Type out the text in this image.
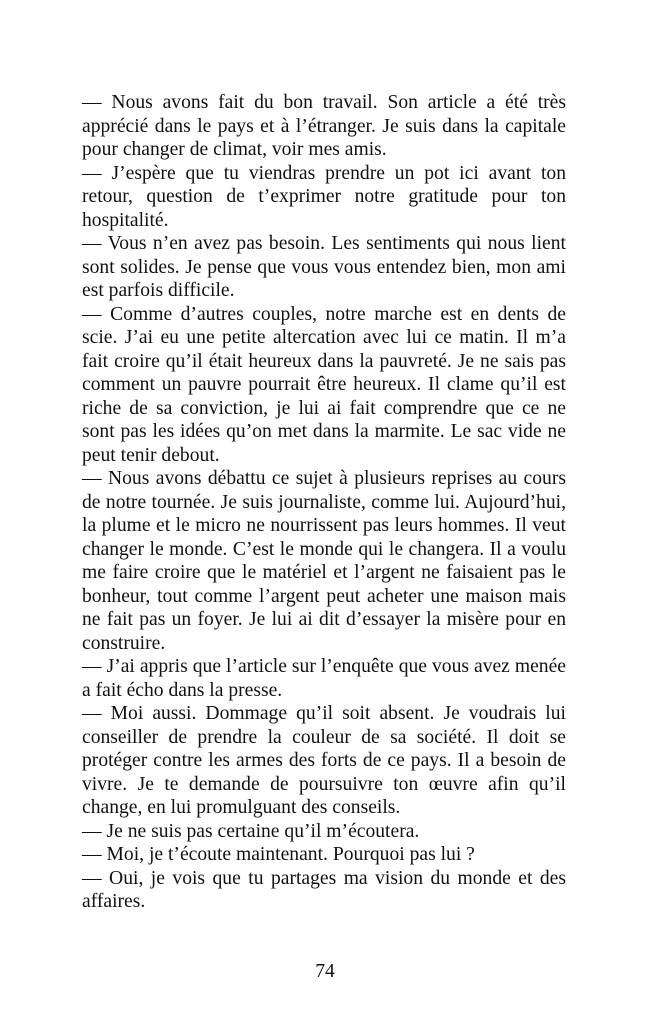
— Nous avons fait du bon travail. Son article a été très apprécié dans le pays et à l’étranger. Je suis dans la capitale pour changer de climat, voir mes amis.

— J’espère que tu viendras prendre un pot ici avant ton retour, question de t’exprimer notre gratitude pour ton hospitalité.

— Vous n’en avez pas besoin. Les sentiments qui nous lient sont solides. Je pense que vous vous entendez bien, mon ami est parfois difficile.

— Comme d’autres couples, notre marche est en dents de scie. J’ai eu une petite altercation avec lui ce matin. Il m’a fait croire qu’il était heureux dans la pauvreté. Je ne sais pas comment un pauvre pourrait être heureux. Il clame qu’il est riche de sa conviction, je lui ai fait comprendre que ce ne sont pas les idées qu’on met dans la marmite. Le sac vide ne peut tenir debout.

— Nous avons débattu ce sujet à plusieurs reprises au cours de notre tournée. Je suis journaliste, comme lui. Aujourd’hui, la plume et le micro ne nourrissent pas leurs hommes. Il veut changer le monde. C’est le monde qui le changera. Il a voulu me faire croire que le matériel et l’argent ne faisaient pas le bonheur, tout comme l’argent peut acheter une maison mais ne fait pas un foyer. Je lui ai dit d’essayer la misère pour en construire.

— J’ai appris que l’article sur l’enquête que vous avez menée a fait écho dans la presse.

— Moi aussi. Dommage qu’il soit absent. Je voudrais lui conseiller de prendre la couleur de sa société. Il doit se protéger contre les armes des forts de ce pays. Il a besoin de vivre. Je te demande de poursuivre ton œuvre afin qu’il change, en lui promulguant des conseils.

— Je ne suis pas certaine qu’il m’écoutera.

— Moi, je t’écoute maintenant. Pourquoi pas lui ?

— Oui, je vois que tu partages ma vision du monde et des affaires.

74
